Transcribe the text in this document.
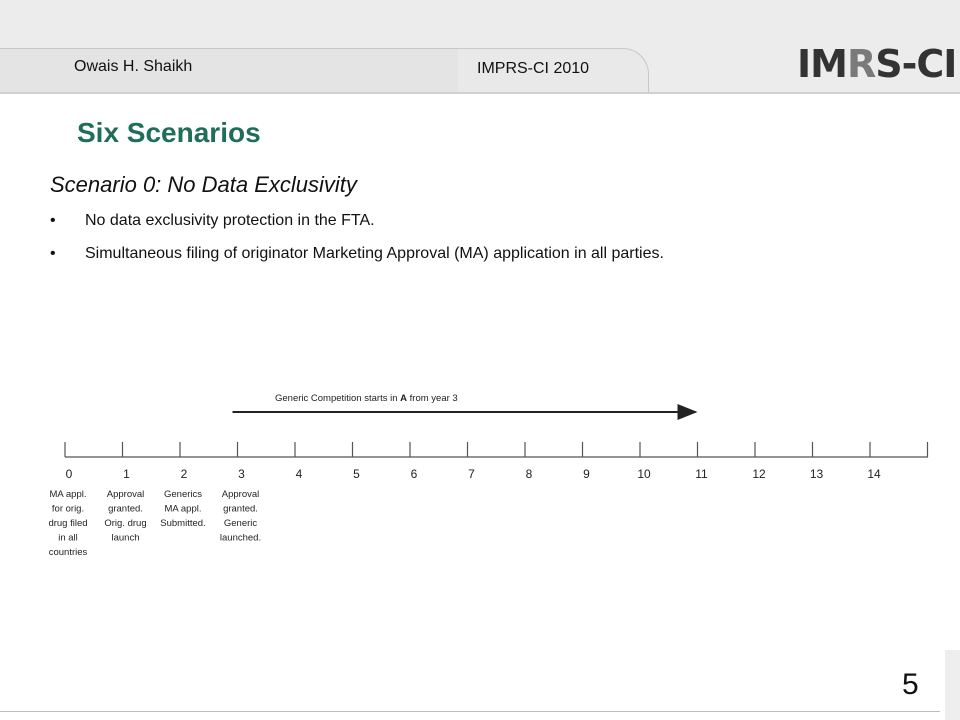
Owais H. Shaikh	IMPRS-CI 2010	IMRS-CI
Six Scenarios
Scenario 0: No Data Exclusivity
• No data exclusivity protection in the FTA.
• Simultaneous filing of originator Marketing Approval (MA) application in all parties.
Generic Competition starts in A from year 3
0	1	2	3	4	5	6	7	8	9	10	11	12	13	14
MA appl.
for orig.
drug filed
in all
countries
Approval
granted.
Orig. drug
launch
Generics
MA appl.
Submitted.
Approval
granted.
Generic
launched.
5
